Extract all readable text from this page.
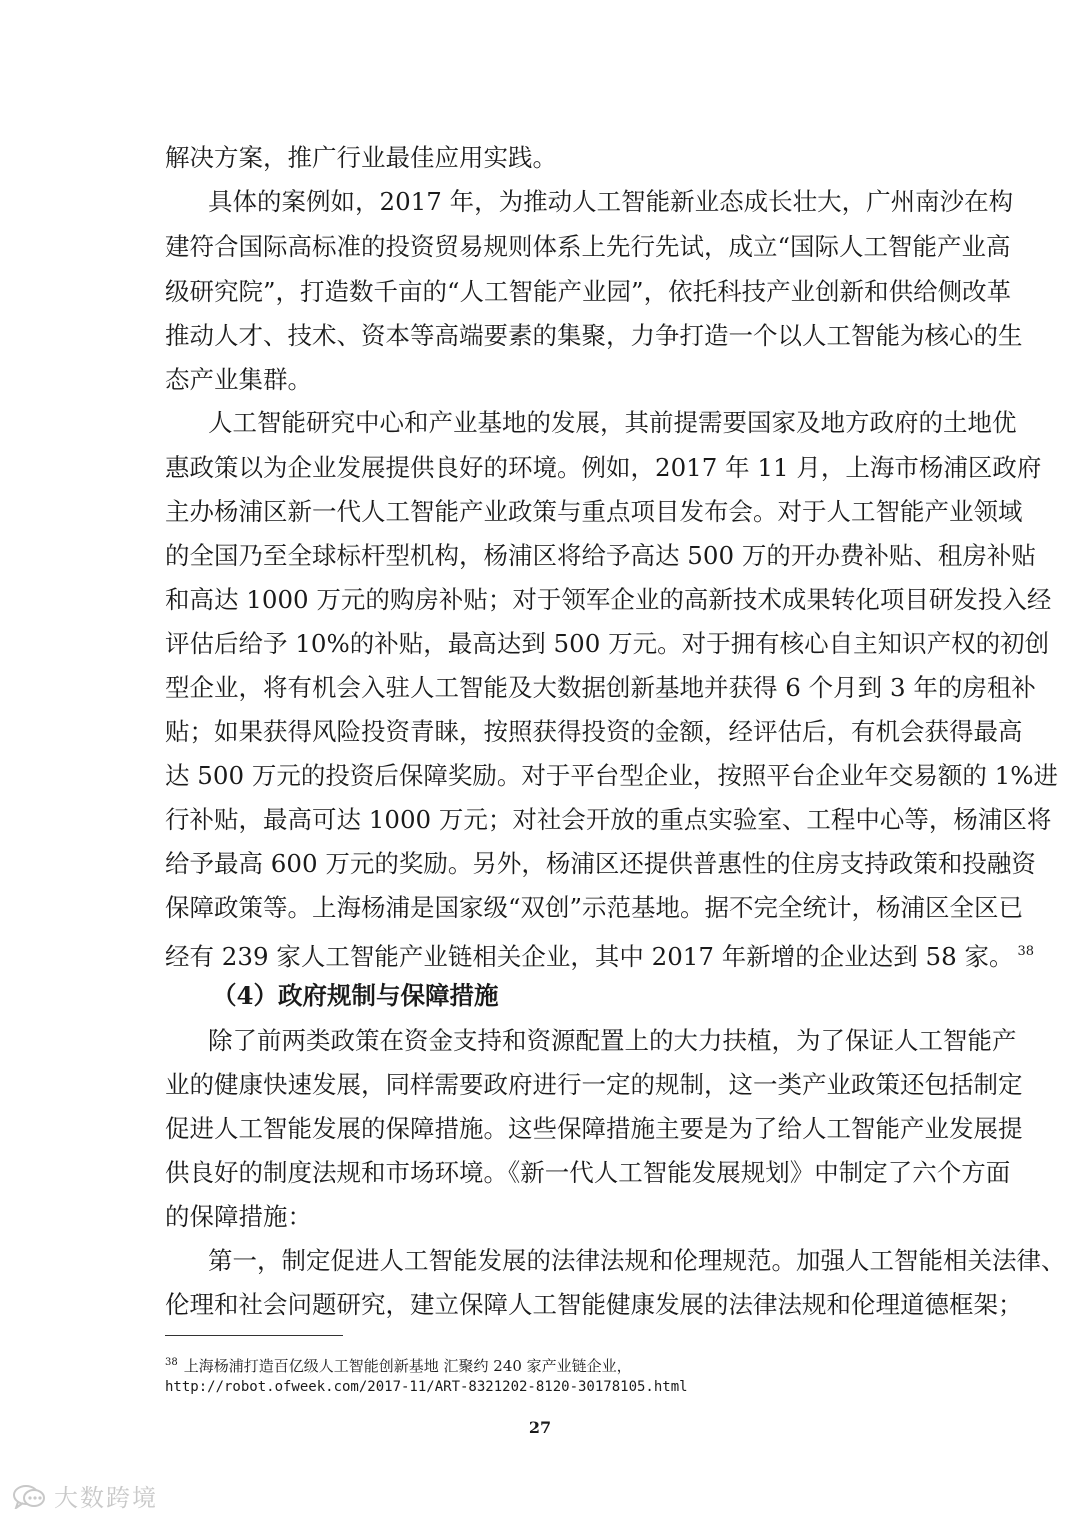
解决方案，推广行业最佳应用实践。
具体的案例如，2017 年，为推动人工智能新业态成长壮大，广州南沙在构
建符合国际高标准的投资贸易规则体系上先行先试，成立“国际人工智能产业高
级研究院”，打造数千亩的“人工智能产业园”，依托科技产业创新和供给侧改革
推动人才、技术、资本等高端要素的集聚，力争打造一个以人工智能为核心的生
态产业集群。
人工智能研究中心和产业基地的发展，其前提需要国家及地方政府的土地优
惠政策以为企业发展提供良好的环境。例如，2017 年 11 月，上海市杨浦区政府
主办杨浦区新一代人工智能产业政策与重点项目发布会。对于人工智能产业领域
的全国乃至全球标杆型机构，杨浦区将给予高达 500 万的开办费补贴、租房补贴
和高达 1000 万元的购房补贴；对于领军企业的高新技术成果转化项目研发投入经
评估后给予 10%的补贴，最高达到 500 万元。对于拥有核心自主知识产权的初创
型企业，将有机会入驻人工智能及大数据创新基地并获得 6 个月到 3 年的房租补
贴；如果获得风险投资青睐，按照获得投资的金额，经评估后，有机会获得最高
达 500 万元的投资后保障奖励。对于平台型企业，按照平台企业年交易额的 1%进
行补贴，最高可达 1000 万元；对社会开放的重点实验室、工程中心等，杨浦区将
给予最高 600 万元的奖励。另外，杨浦区还提供普惠性的住房支持政策和投融资
保障政策等。上海杨浦是国家级“双创”示范基地。据不完全统计，杨浦区全区已
经有 239 家人工智能产业链相关企业，其中 2017 年新增的企业达到 58 家。 $^{38}$
（4）政府规制与保障措施
除了前两类政策在资金支持和资源配置上的大力扶植，为了保证人工智能产
业的健康快速发展，同样需要政府进行一定的规制，这一类产业政策还包括制定
促进人工智能发展的保障措施。这些保障措施主要是为了给人工智能产业发展提
供良好的制度法规和市场环境。《新一代人工智能发展规划》中制定了六个方面
的保障措施：
第一，制定促进人工智能发展的法律法规和伦理规范。加强人工智能相关法律、
伦理和社会问题研究，建立保障人工智能健康发展的法律法规和伦理道德框架；
$^{38}$ 上海杨浦打造百亿级人工智能创新基地 汇聚约 240 家产业链企业，
http://robot.ofweek.com/2017-11/ART-8321202-8120-30178105.html
27
大数跨境
